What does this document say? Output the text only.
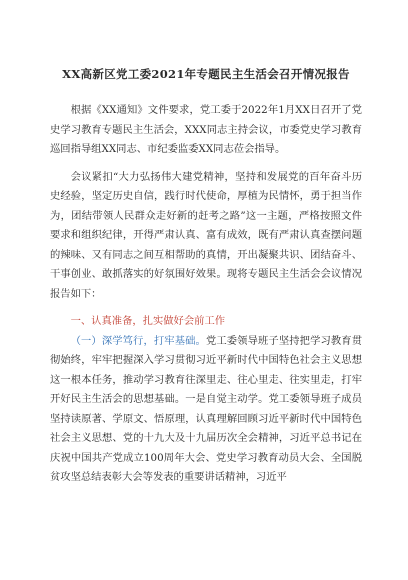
XX高新区党工委2021年专题民主生活会召开情况报告

根据《XX通知》文件要求，党工委于2022年1月XX日召开了党史学习教育专题民主生活会，XXX同志主持会议，市委党史学习教育巡回指导组XX同志、市纪委监委XX同志莅会指导。

会议紧扣“大力弘扬伟大建党精神，坚持和发展党的百年奋斗历史经验，坚定历史自信，践行时代使命，厚植为民情怀，勇于担当作为，团结带领人民群众走好新的赶考之路”这一主题，严格按照文件要求和组织纪律，开得严肃认真、富有成效，既有严肃认真查摆问题的辣味、又有同志之间互相帮助的真情，开出凝聚共识、团结奋斗、干事创业、敢抓落实的好氛围好效果。现将专题民主生活会会议情况报告如下：

一、认真准备，扎实做好会前工作

（一）深学笃行，打牢基础。党工委领导班子坚持把学习教育贯彻始终，牢牢把握深入学习贯彻习近平新时代中国特色社会主义思想这一根本任务，推动学习教育往深里走、往心里走、往实里走，打牢开好民主生活会的思想基础。一是自觉主动学。党工委领导班子成员坚持读原著、学原文、悟原理，认真理解回顾习近平新时代中国特色社会主义思想、党的十九大及十九届历次全会精神，习近平总书记在庆祝中国共产党成立100周年大会、党史学习教育动员大会、全国脱贫攻坚总结表彰大会等发表的重要讲话精神，习近平
